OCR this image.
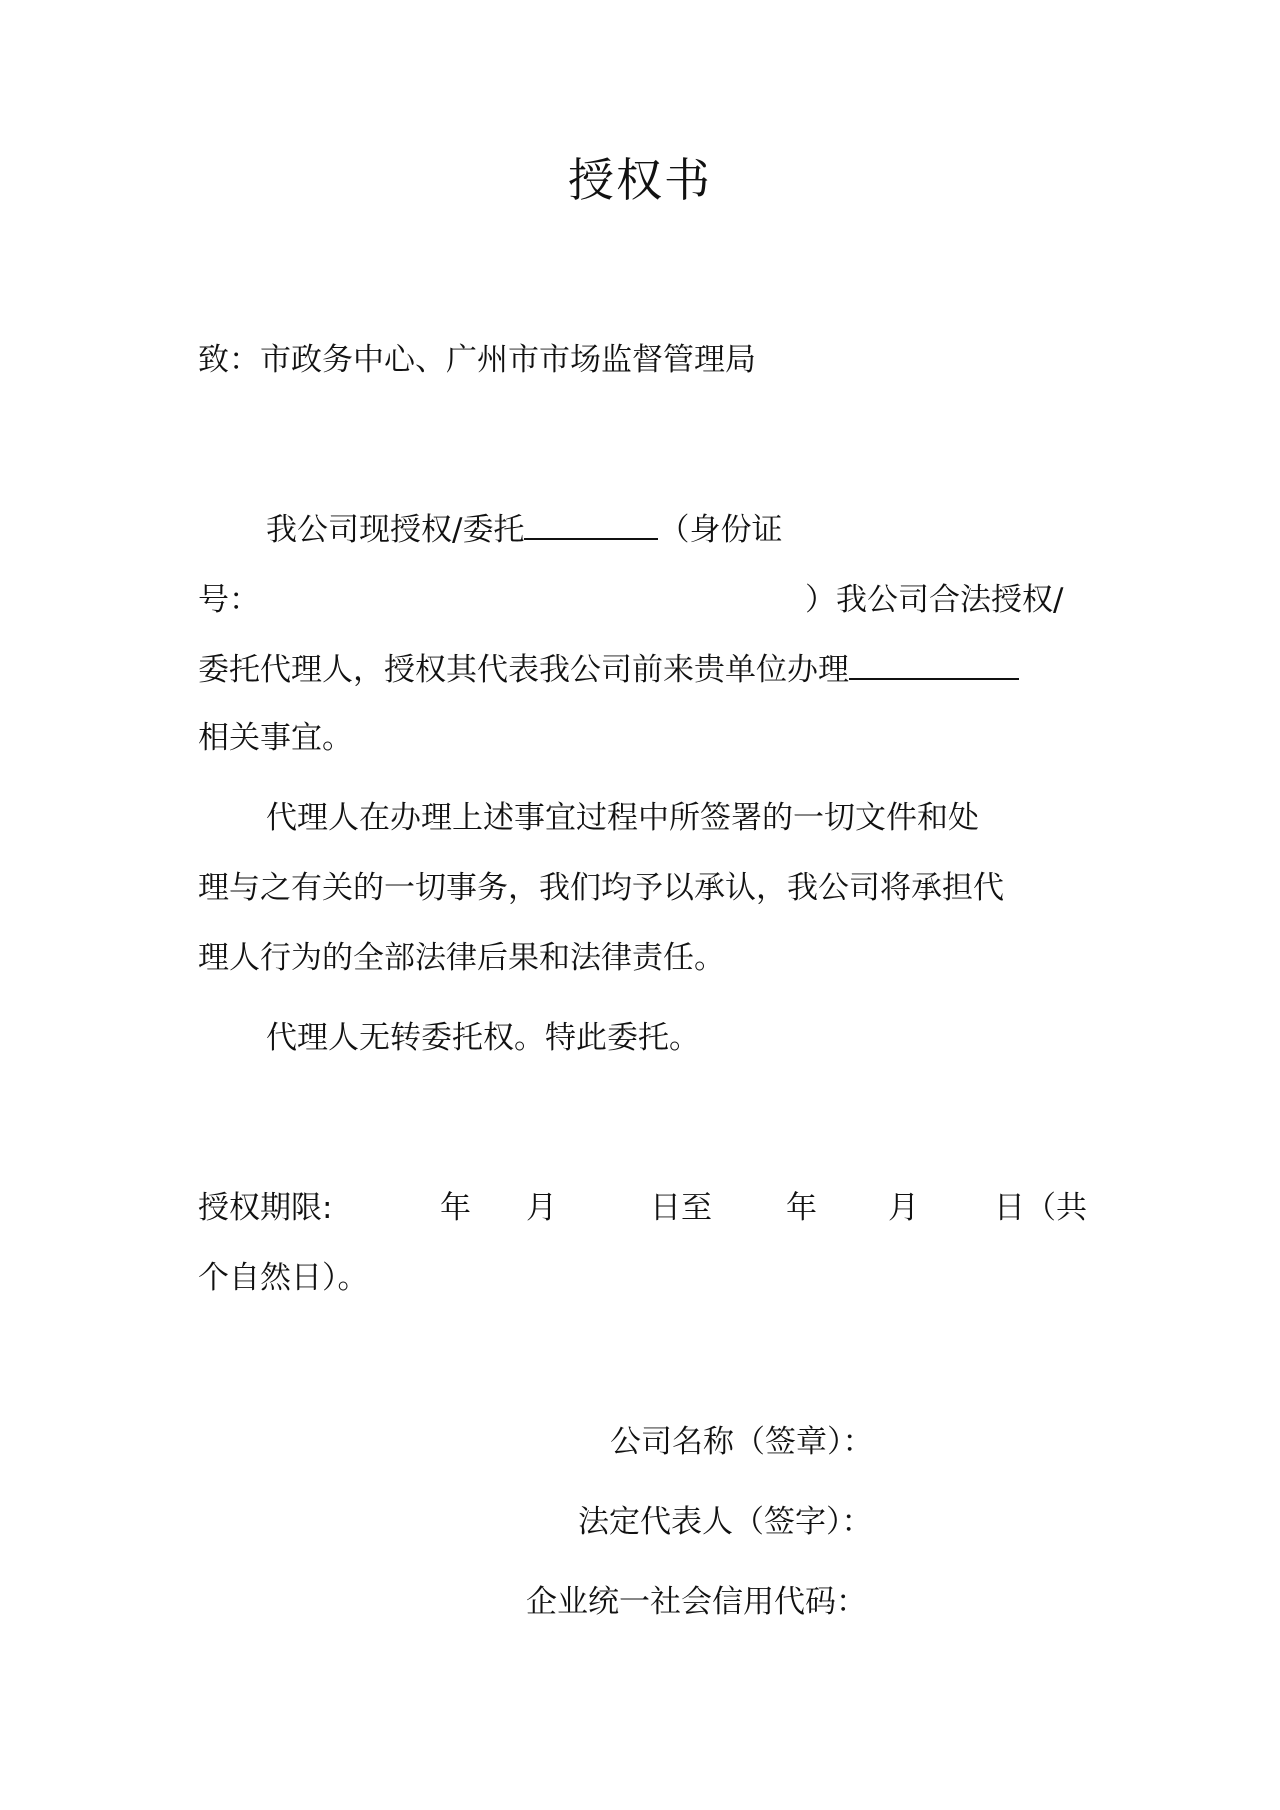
授权书
致：市政务中心、广州市市场监督管理局
我公司现授权/委托	（身份证
号：	）我公司合法授权/
委托代理人，授权其代表我公司前来贵单位办理
相关事宜。
代理人在办理上述事宜过程中所签署的一切文件和处
理与之有关的一切事务，我们均予以承认，我公司将承担代
理人行为的全部法律后果和法律责任。
代理人无转委托权。特此委托。
授权期限:	年 月	日至 年 月 日（共
个自然日）。
公司名称（签章）：
法定代表人（签字）：
企业统一社会信用代码：
